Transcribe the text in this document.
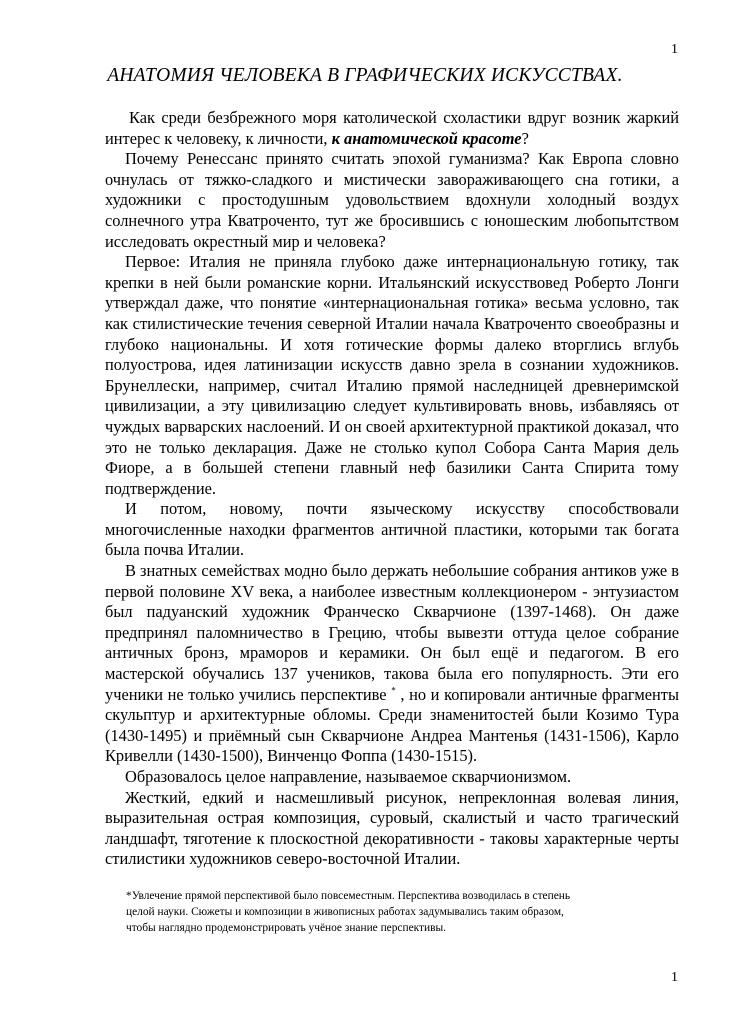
1
АНАТОМИЯ ЧЕЛОВЕКА В ГРАФИЧЕСКИХ ИСКУССТВАХ.

Как среди безбрежного моря католической схоластики вдруг возник жаркий интерес к человеку, к личности, к анатомической красоте?

Почему Ренессанс принято считать эпохой гуманизма? Как Европа словно очнулась от тяжко-сладкого и мистически завораживающего сна готики, а художники с простодушным удовольствием вдохнули холодный воздух солнечного утра Кватроченто, тут же бросившись с юношеским любопытством исследовать окрестный мир и человека?

Первое: Италия не приняла глубоко даже интернациональную готику, так крепки в ней были романские корни. Итальянский искусствовед Роберто Лонги утверждал даже, что понятие «интернациональная готика» весьма условно, так как стилистические течения северной Италии начала Кватроченто своеобразны и глубоко национальны. И хотя готические формы далеко вторглись вглубь полуострова, идея латинизации искусств давно зрела в сознании художников. Брунеллески, например, считал Италию прямой наследницей древнеримской цивилизации, а эту цивилизацию следует культивировать вновь, избавляясь от чуждых варварских наслоений. И он своей архитектурной практикой доказал, что это не только декларация. Даже не столько купол Собора Санта Мария дель Фиоре, а в большей степени главный неф базилики Санта Спирита тому подтверждение.

И потом, новому, почти языческому искусству способствовали многочисленные находки фрагментов античной пластики, которыми так богата была почва Италии.

В знатных семействах модно было держать небольшие собрания антиков уже в первой половине XV века, а наиболее известным коллекционером - энтузиастом был падуанский художник Франческо Скварчионе (1397-1468). Он даже предпринял паломничество в Грецию, чтобы вывезти оттуда целое собрание античных бронз, мраморов и керамики. Он был ещё и педагогом. В его мастерской обучались 137 учеников, такова была его популярность. Эти его ученики не только учились перспективе * , но и копировали античные фрагменты скульптур и архитектурные обломы. Среди знаменитостей были Козимо Тура (1430-1495) и приёмный сын Скварчионе Андреа Мантенья (1431-1506), Карло Кривелли (1430-1500), Винченцо Фоппа (1430-1515).

Образовалось целое направление, называемое скварчионизмом.

Жесткий, едкий и насмешливый рисунок, непреклонная волевая линия, выразительная острая композиция, суровый, скалистый и часто трагический ландшафт, тяготение к плоскостной декоративности - таковы характерные черты стилистики художников северо-восточной Италии.

*Увлечение прямой перспективой было повсеместным. Перспектива возводилась в степень
целой науки. Сюжеты и композиции в живописных работах задумывались таким образом,
чтобы наглядно продемонстрировать учёное знание перспективы.
1
